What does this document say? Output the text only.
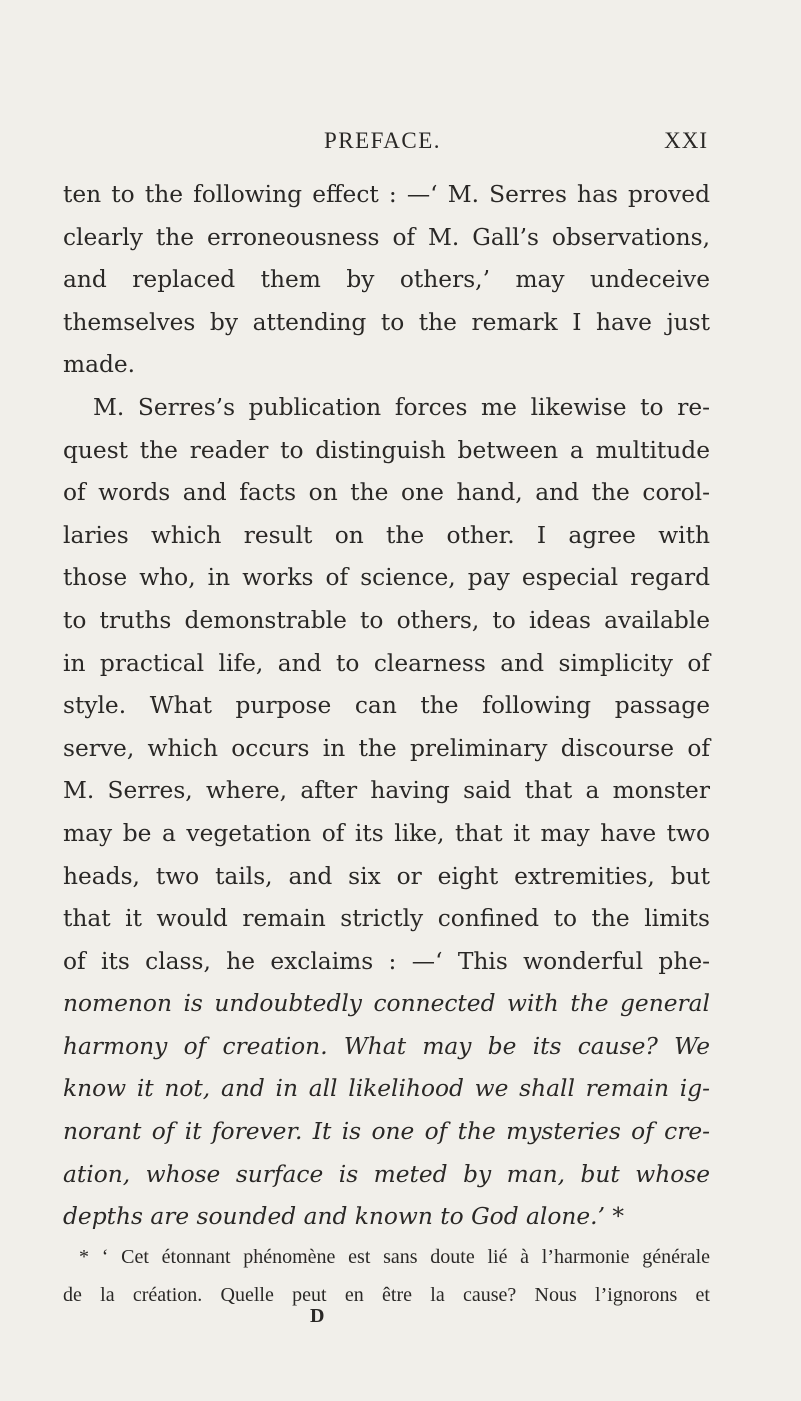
PREFACE.	XXI
ten to the following effect : —‘ M. Serres has proved
clearly the erroneousness of M. Gall’s observations,
and replaced them by others,’ may undeceive
themselves by attending to the remark I have just
made.
M. Serres’s publication forces me likewise to re-
quest the reader to distinguish between a multitude
of words and facts on the one hand, and the corol-
laries which result on the other. I agree with
those who, in works of science, pay especial regard
to truths demonstrable to others, to ideas available
in practical life, and to clearness and simplicity of
style. What purpose can the following passage
serve, which occurs in the preliminary discourse of
M. Serres, where, after having said that a monster
may be a vegetation of its like, that it may have two
heads, two tails, and six or eight extremities, but
that it would remain strictly confined to the limits
of its class, he exclaims : —‘ This wonderful phe-
nomenon is undoubtedly connected with the general
harmony of creation. What may be its cause? We
know it not, and in all likelihood we shall remain ig-
norant of it forever. It is one of the mysteries of cre-
ation, whose surface is meted by man, but whose
depths are sounded and known to God alone.’ *
* ‘ Cet étonnant phénomène est sans doute lié à l’harmonie générale
de la création. Quelle peut en être la cause? Nous l’ignorons et
D
